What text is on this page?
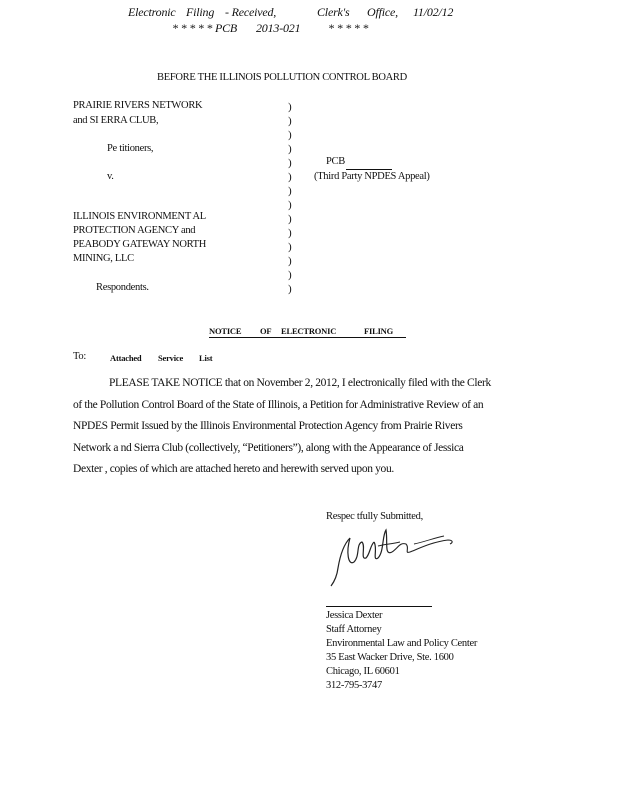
Electronic Filing - Received,	Clerk's Office, 11/02/12
* * * * * PCB 2013-021 * * * * *
BEFORE THE ILLINOIS POLLUTION CONTROL BOARD
PRAIRIE RIVERS NETWORK
and SI ERRA CLUB,
Pe titioners,
v.
PCB
(Third Party NPDES Appeal)
ILLINOIS ENVIRONMENT AL
PROTECTION AGENCY and
PEABODY GATEWAY NORTH
MINING, LLC
Respondents.
)
)
)
)
)
)
)
)
)
)
)
)
)
)

NOTICE OF ELECTRONIC	FILING
To:	Attached Service List
PLEASE TAKE NOTICE that on November 2, 2012, I electronically filed with the Clerk
of the Pollution Control Board of the State of Illinois, a Petition for Administrative Review of an
NPDES Permit Issued by the Illinois Environmental Protection Agency from Prairie Rivers
Network a nd Sierra Club (collectively, “Petitioners”), along with the Appearance of Jessica
Dexter , copies of which are attached hereto and herewith served upon you.
Respec tfully Submitted,
Jessica Dexter
Staff Attorney
Environmental Law and Policy Center
35 East Wacker Drive, Ste. 1600
Chicago, IL 60601
312-795-3747
